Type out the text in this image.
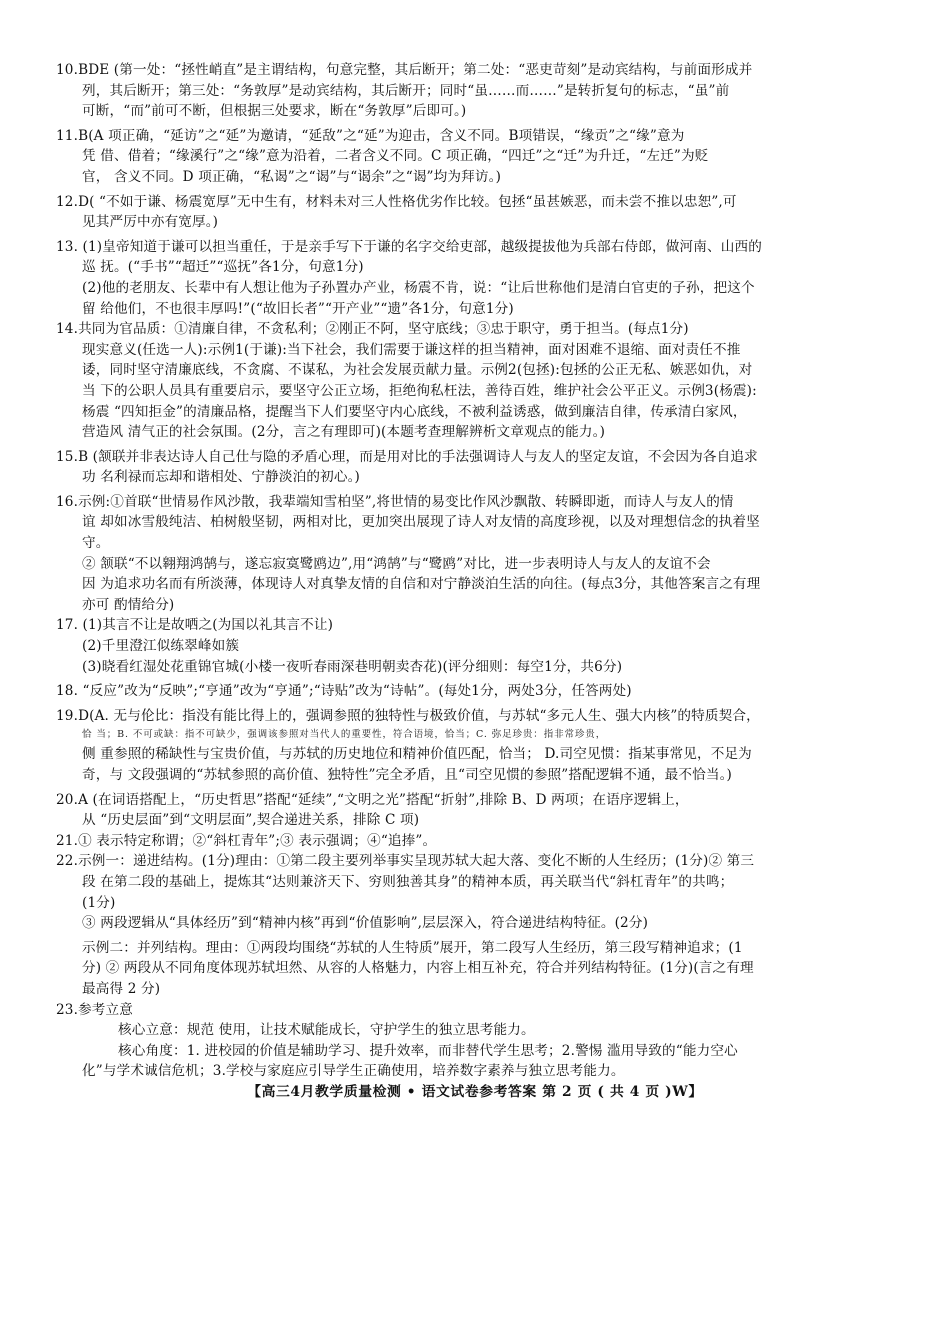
10.BDE (第一处：“拯性峭直”是主谓结构，句意完整，其后断开；第二处：“恶吏苛刻”是动宾结构，与前面形成并
列，其后断开；第三处：“务敦厚”是动宾结构，其后断开；同时“虽……而……”是转折复句的标志，“虽”前
可断，“而”前可不断，但根据三处要求，断在“务敦厚”后即可。)
11.B(A 项正确，“延访”之“延”为邀请，“延敌”之“延”为迎击，含义不同。B项错误，“缘贡”之“缘”意为
凭 借、借着；“缘溪行”之“缘”意为沿着，二者含义不同。C 项正确，“四迁”之“迁”为升迁，“左迁”为贬
官， 含义不同。D 项正确，“私谒”之“谒”与“谒余”之“谒”均为拜访。)
12.D( “不如于谦、杨震宽厚”无中生有，材料未对三人性格优劣作比较。包拯“虽甚嫉恶，而未尝不推以忠恕”,可
见其严厉中亦有宽厚。)
13. (1)皇帝知道于谦可以担当重任，于是亲手写下于谦的名字交给吏部，越级提拔他为兵部右侍郎，做河南、山西的
巡 抚。(“手书”“超迁”“巡抚”各1分，句意1分)
(2)他的老朋友、长辈中有人想让他为子孙置办产业，杨震不肯，说：“让后世称他们是清白官吏的子孙，把这个
留 给他们，不也很丰厚吗!”(“故旧长者”“开产业”“遗”各1分，句意1分)
14.共同为官品质：①清廉自律，不贪私利；②刚正不阿，坚守底线；③忠于职守，勇于担当。(每点1分)
现实意义(任选一人):示例1(于谦):当下社会，我们需要于谦这样的担当精神，面对困难不退缩、面对责任不推
诿，同时坚守清廉底线，不贪腐、不谋私，为社会发展贡献力量。示例2(包拯):包拯的公正无私、嫉恶如仇，对
当 下的公职人员具有重要启示，要坚守公正立场，拒绝徇私枉法，善待百姓，维护社会公平正义。示例3(杨震):
杨震 “四知拒金”的清廉品格，提醒当下人们要坚守内心底线，不被利益诱惑，做到廉洁自律，传承清白家风，
营造风 清气正的社会氛围。(2分，言之有理即可)(本题考查理解辨析文章观点的能力。)
15.B (颔联并非表达诗人自己仕与隐的矛盾心理，而是用对比的手法强调诗人与友人的坚定友谊，不会因为各自追求
功 名利禄而忘却和谐相处、宁静淡泊的初心。)
16.示例:①首联“世情易作风沙散，我辈端知雪柏坚”,将世情的易变比作风沙飘散、转瞬即逝，而诗人与友人的情
谊 却如冰雪般纯洁、柏树般坚韧，两相对比，更加突出展现了诗人对友情的高度珍视，以及对理想信念的执着坚
守。
② 颔联“不以翱翔鸿鹄与，遂忘寂寞鹭鸥边”,用“鸿鹄”与“鹭鸥”对比，进一步表明诗人与友人的友谊不会
因 为追求功名而有所淡薄，体现诗人对真挚友情的自信和对宁静淡泊生活的向往。(每点3分，其他答案言之有理
亦可 酌情给分)
17. (1)其言不让是故哂之(为国以礼其言不让)
(2)千里澄江似练翠峰如簇
(3)晓看红湿处花重锦官城(小楼一夜听春雨深巷明朝卖杏花)(评分细则：每空1分，共6分)
18. “反应”改为“反映”;“亨通”改为“亨通”;“诗贴”改为“诗帖”。(每处1分，两处3分，任答两处)
19.D(A. 无与伦比：指没有能比得上的，强调参照的独特性与极致价值，与苏轼“多元人生、强大内核”的特质契合，
恰 当；B. 不可或缺：指不可缺少，强调该参照对当代人的重要性，符合语境，恰当；C. 弥足珍贵：指非常珍贵，
侧 重参照的稀缺性与宝贵价值，与苏轼的历史地位和精神价值匹配，恰当； D.司空见惯：指某事常见，不足为
奇，与 文段强调的“苏轼参照的高价值、独特性”完全矛盾，且“司空见惯的参照”搭配逻辑不通，最不恰当。)
20.A (在词语搭配上，“历史哲思”搭配“延续”,“文明之光”搭配“折射”,排除 B、D 两项；在语序逻辑上，
从 “历史层面”到“文明层面”,契合递进关系，排除 C 项)
21.① 表示特定称谓；②“斜杠青年”;③ 表示强调；④“追捧”。
22.示例一：递进结构。(1分)理由：①第二段主要列举事实呈现苏轼大起大落、变化不断的人生经历；(1分)② 第三
段 在第二段的基础上，提炼其“达则兼济天下、穷则独善其身”的精神本质，再关联当代“斜杠青年”的共鸣；
(1分)
③ 两段逻辑从“具体经历”到“精神内核”再到“价值影响”,层层深入，符合递进结构特征。(2分)
示例二：并列结构。理由：①两段均围绕“苏轼的人生特质”展开，第二段写人生经历，第三段写精神追求；(1
分) ② 两段从不同角度体现苏轼坦然、从容的人格魅力，内容上相互补充，符合并列结构特征。(1分)(言之有理
最高得 2 分)
23.参考立意
核心立意：规范 使用，让技术赋能成长，守护学生的独立思考能力。
核心角度：1. 进校园的价值是辅助学习、提升效率，而非替代学生思考；2.警惕 滥用导致的“能力空心
化”与学术诚信危机；3.学校与家庭应引导学生正确使用，培养数字素养与独立思考能力。
【高三4月教学质量检测 • 语文试卷参考答案 第 2 页 ( 共 4 页 )W】
